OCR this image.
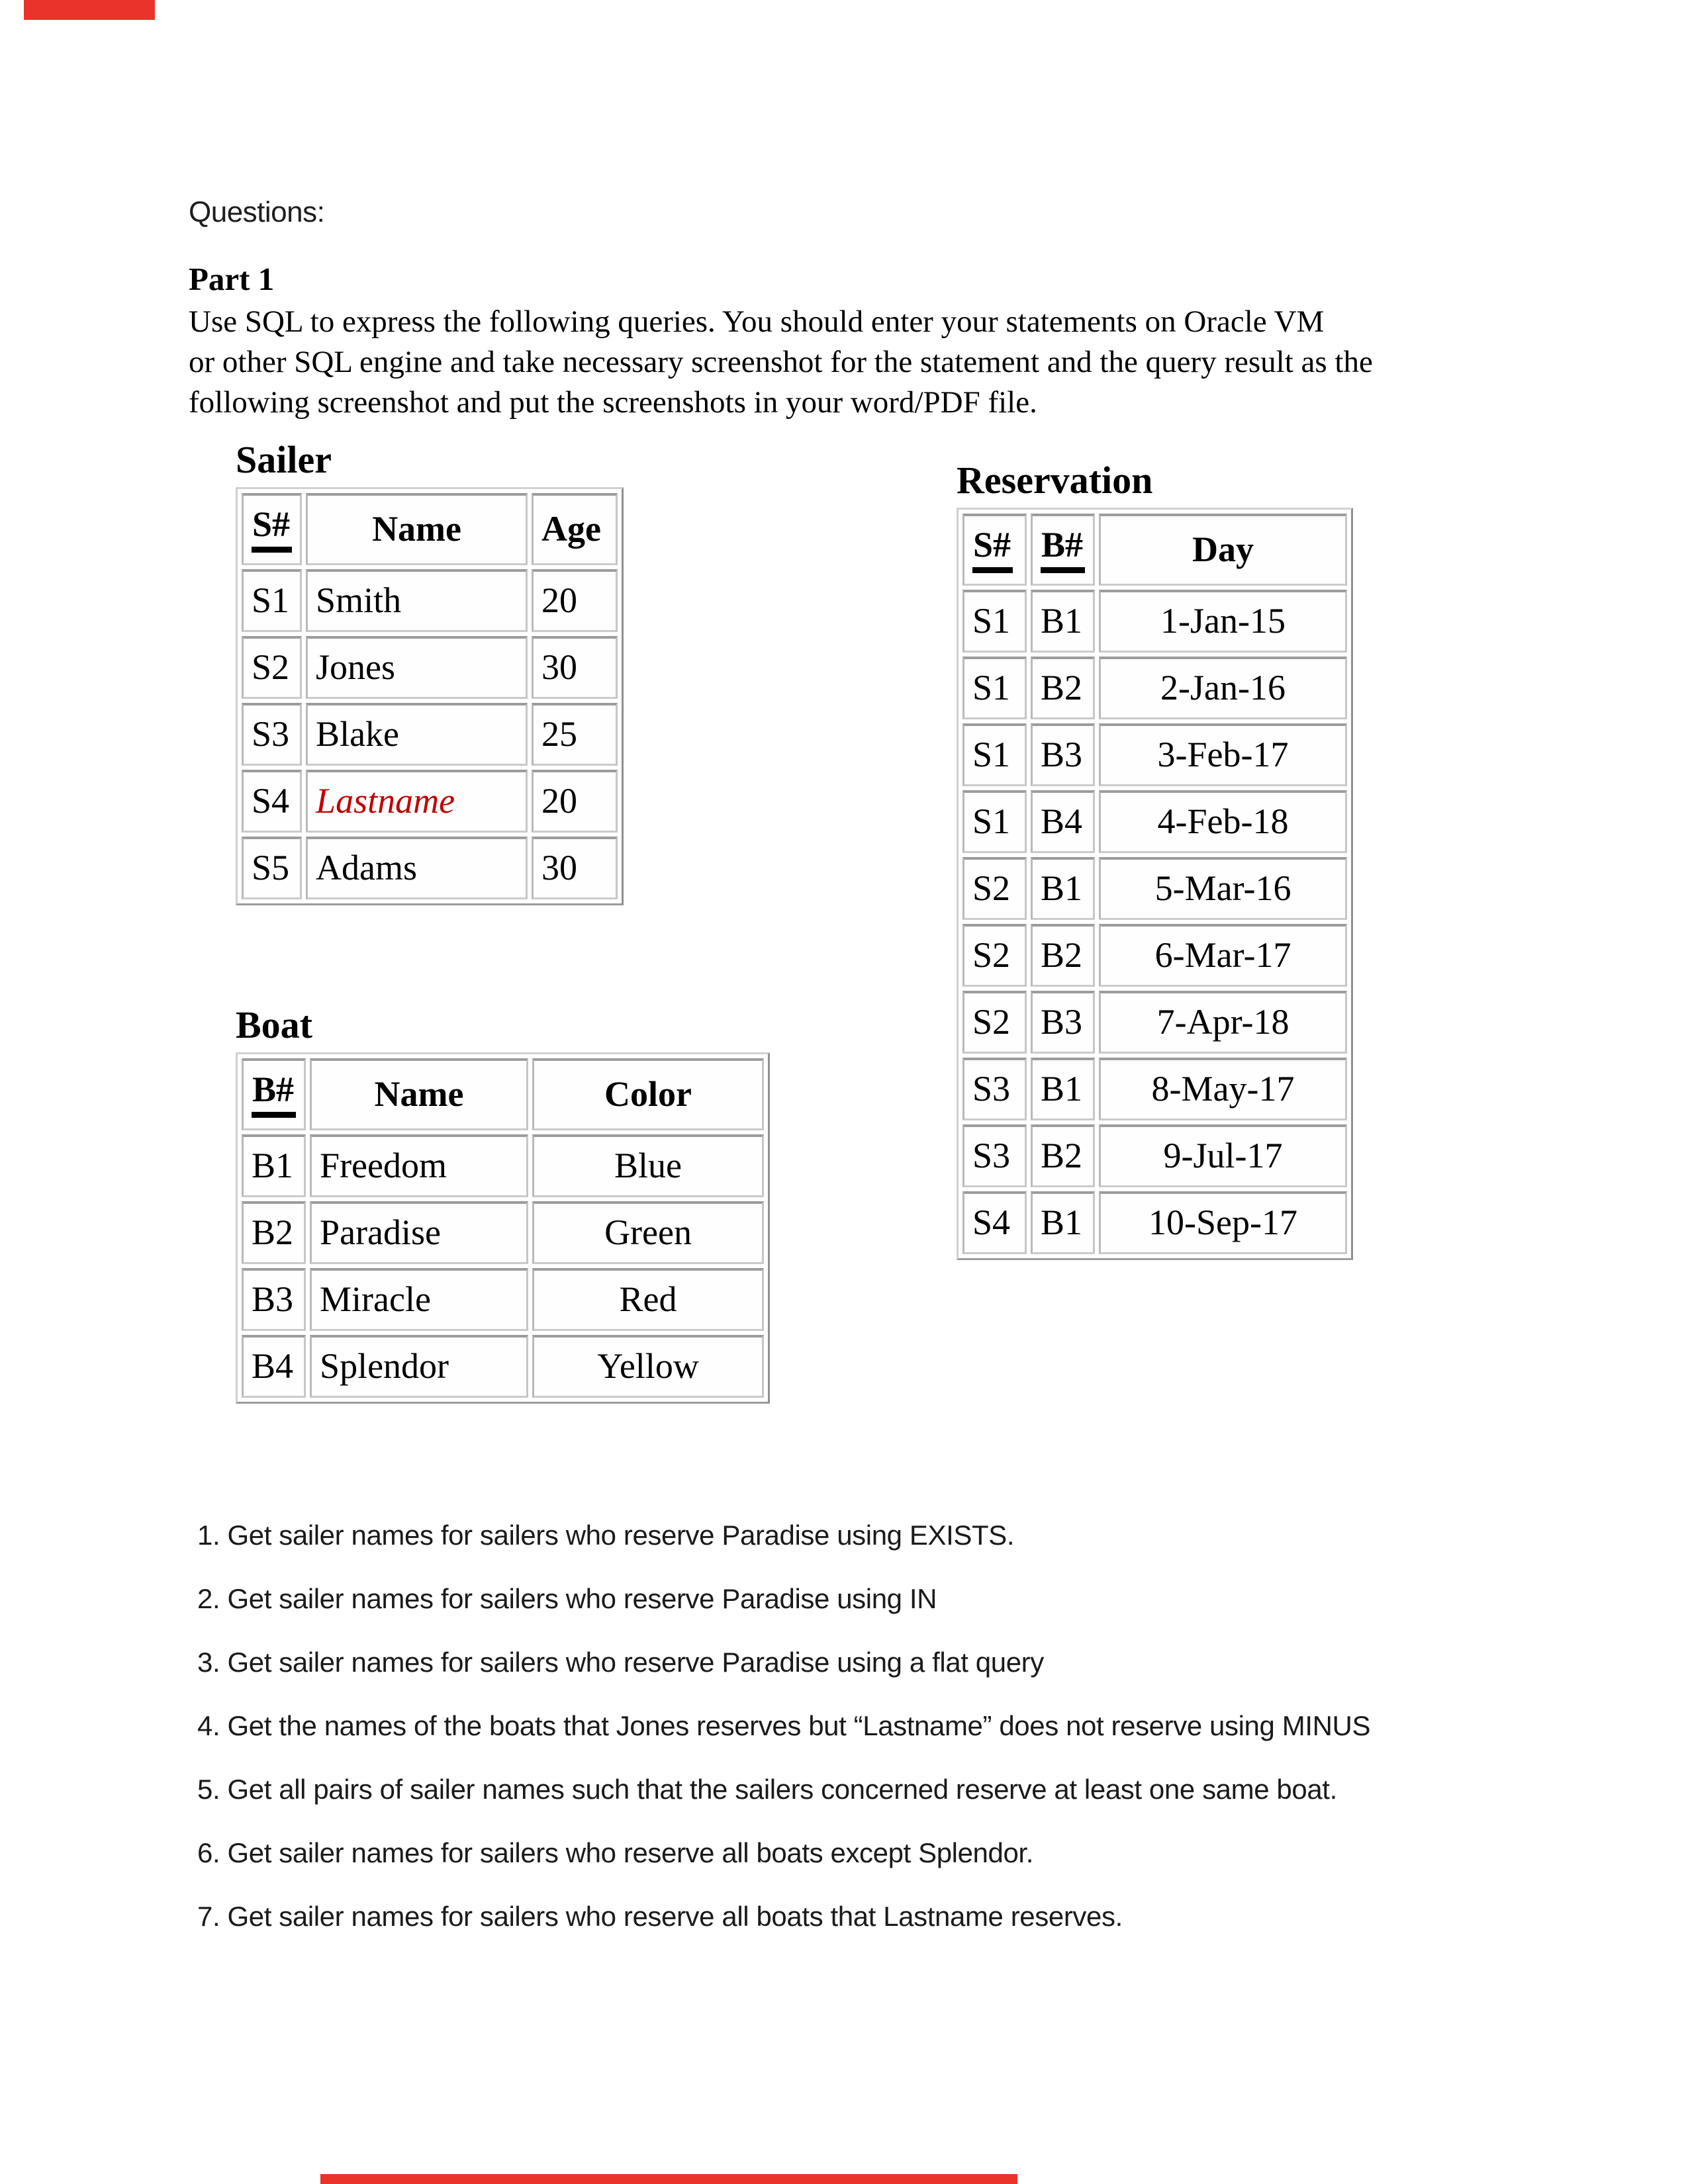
Questions:
Part 1
Use SQL to express the following queries. You should enter your statements on Oracle VM
or other SQL engine and take necessary screenshot for the statement and the query result as the
following screenshot and put the screenshots in your word/PDF file.
Sailer
S#	Name	Age
S1	Smith	20
S2	Jones	30
S3	Blake	25
S4	Lastname	20
S5	Adams	30
Boat
B#	Name	Color
B1	Freedom	Blue
B2	Paradise	Green
B3	Miracle	Red
B4	Splendor	Yellow
Reservation
S#	B#	Day
S1	B1	1-Jan-15
S1	B2	2-Jan-16
S1	B3	3-Feb-17
S1	B4	4-Feb-18
S2	B1	5-Mar-16
S2	B2	6-Mar-17
S2	B3	7-Apr-18
S3	B1	8-May-17
S3	B2	9-Jul-17
S4	B1	10-Sep-17
1. Get sailer names for sailers who reserve Paradise using EXISTS.
2. Get sailer names for sailers who reserve Paradise using IN
3. Get sailer names for sailers who reserve Paradise using a flat query
4. Get the names of the boats that Jones reserves but “Lastname” does not reserve using MINUS
5. Get all pairs of sailer names such that the sailers concerned reserve at least one same boat.
6. Get sailer names for sailers who reserve all boats except Splendor.
7. Get sailer names for sailers who reserve all boats that Lastname reserves.
